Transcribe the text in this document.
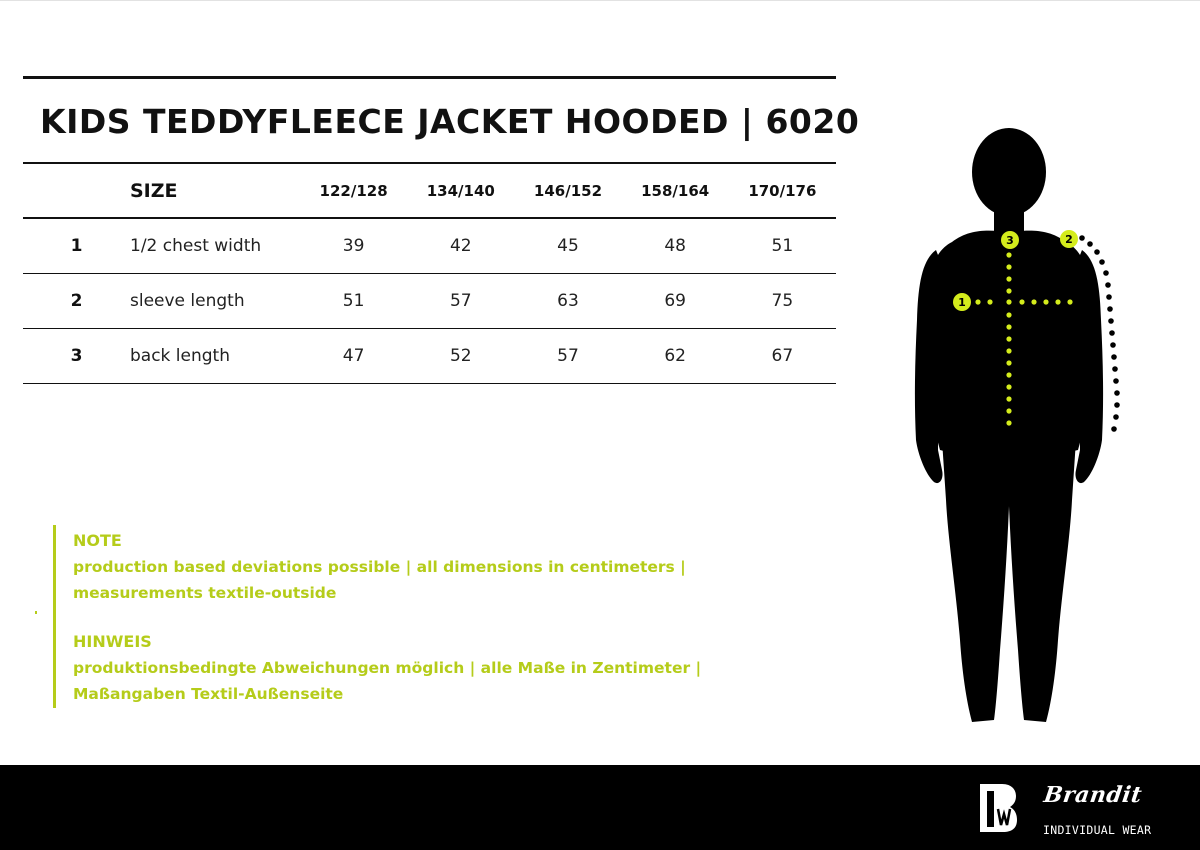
KIDS TEDDYFLEECE JACKET HOODED | 6020
	SIZE	122/128	134/140	146/152	158/164	170/176
1	1/2 chest width	39	42	45	48	51
2	sleeve length	51	57	63	69	75
3	back length	47	52	57	62	67
NOTE
production based deviations possible | all dimensions in centimeters |
measurements textile-outside
HINWEIS
produktionsbedingte Abweichungen möglich | alle Maße in Zentimeter |
Maßangaben Textil-Außenseite
1
2
3
Brandit
INDIVIDUAL WEAR
